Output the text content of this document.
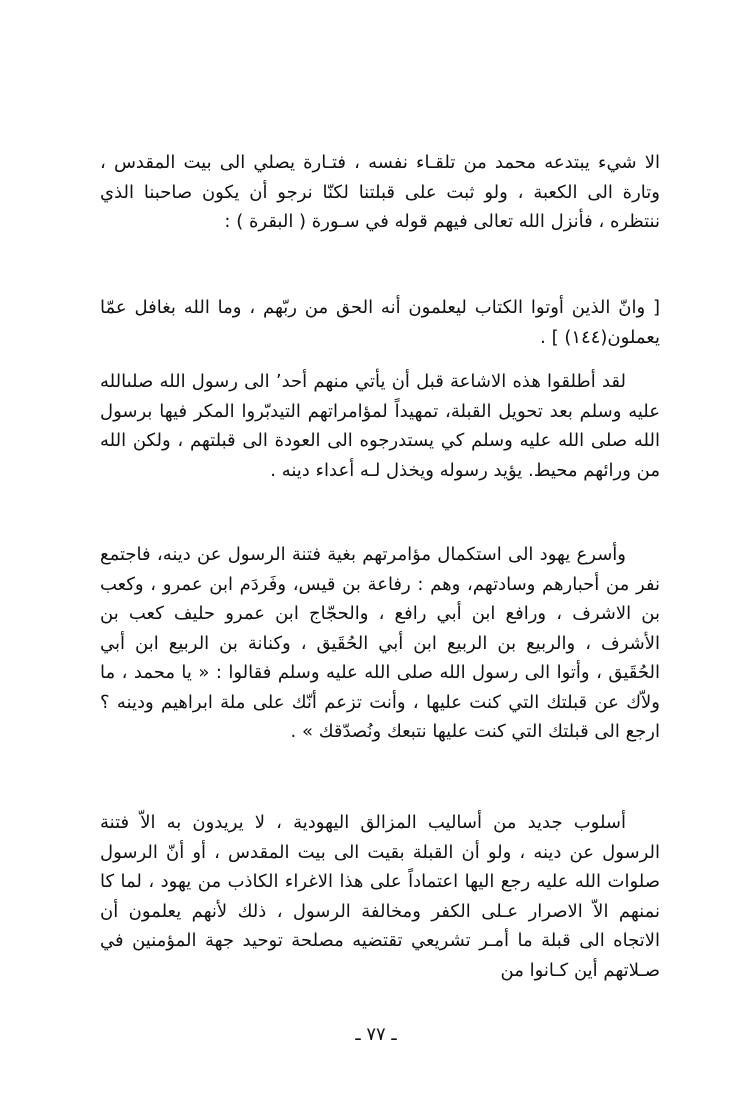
الا شيء يبتدعه محمد من تلقـاء نفسه ، فتـارة يصلي الى بيت المقدس ، وتارة الى الكعبة ، ولو ثبت على قبلتنا لكنّا نرجو أن يكون صاحبنا الذي ننتظره ، فأنزل الله تعالى فيهم قوله في سـورة ( البقرة ) :

[ وانّ الذين أوتوا الكتاب ليعلمون أنه الحق من ربّهم ، وما الله بغافل عمّا يعملون(١٤٤) ] .

لقد أطلقوا هذه الاشاعة قبل أن يأتي منهم أحد٬ الى رسول الله صلىالله عليه وسلم بعد تحويل القبلة، تمهيداً لمؤامراتهم التيدبّروا المكر فيها برسول الله صلى الله عليه وسلم كي يستدرجوه الى العودة الى قبلتهم ، ولكن الله من ورائهم محيط. يؤيد رسوله ويخذل لـه أعداء دينه .

وأسرع يهود الى استكمال مؤامرتهم بغية فتنة الرسول عن دينه، فاجتمع نفر من أحبارهم وسادتهم، وهم : رفاعة بن قيس، وفَردَم ابن عمرو ، وكعب بن الاشرف ، ورافع ابن أبي رافع ، والحجّاج ابن عمرو حليف كعب بن الأشرف ، والربيع بن الربيع ابن أبي الحُقَيق ، وكنانة بن الربيع ابن أبي الحُقَيق ، وأتوا الى رسول الله صلى الله عليه وسلم فقالوا : « يا محمد ، ما ولاّك عن قبلتك التي كنت عليها ، وأنت تزعم أنّك على ملة ابراهيم ودينه ؟ ارجع الى قبلتك التي كنت عليها نتبعك ونُصدّقك » .

أسلوب جديد من أساليب المزالق اليهودية ، لا يريدون به الاّ فتنة الرسول عن دينه ، ولو أن القبلة بقيت الى بيت المقدس ، أو أنّ الرسول صلوات الله عليه رجع اليها اعتماداً على هذا الاغراء الكاذب من يهود ، لما كا نمنهم الاّ الاصرار عـلى الكفر ومخالفة الرسول ، ذلك لأنهم يعلمون أن الاتجاه الى قبلة ما أمـر تشريعي تقتضيه مصلحة توحيد جهة المؤمنين في صـلاتهم أين كـانوا من

ـ ٧٧ ـ
